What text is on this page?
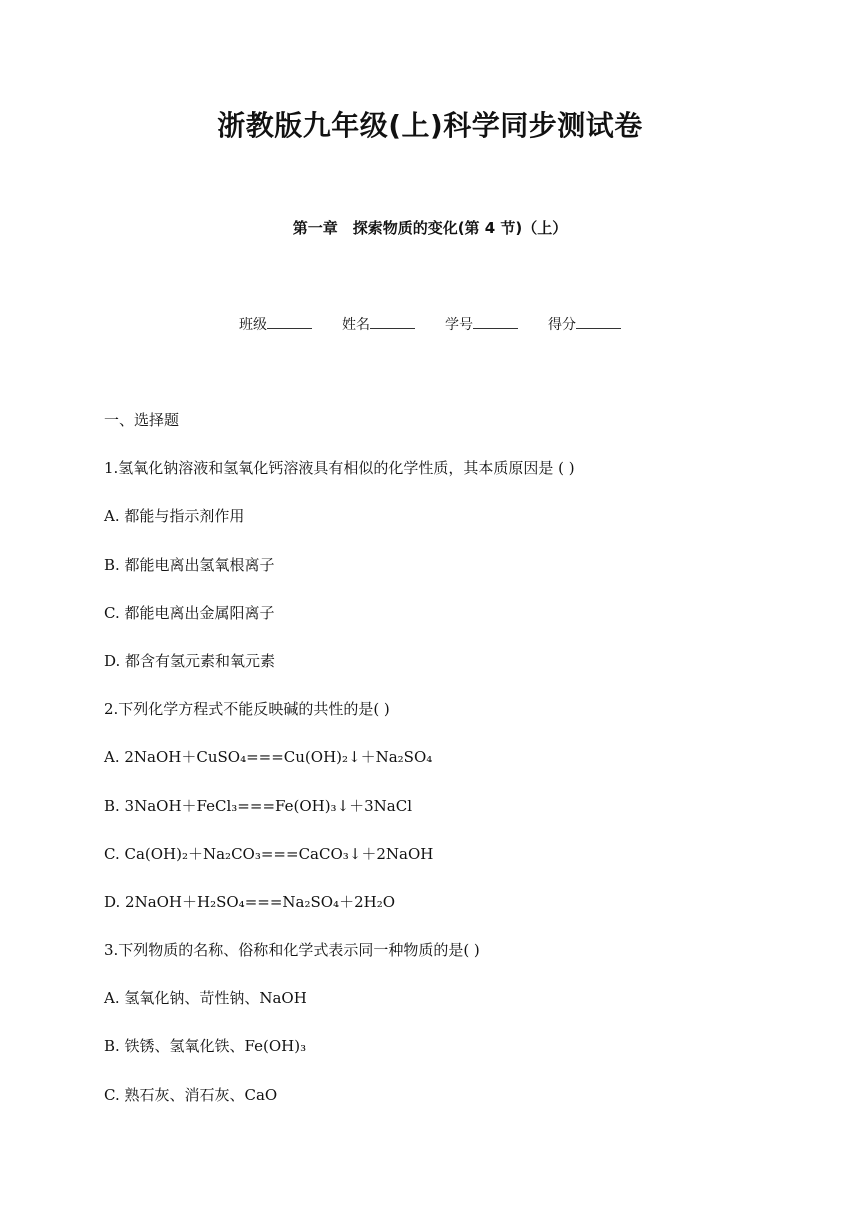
浙教版九年级(上)科学同步测试卷
第一章　探索物质的变化(第 4 节)（上）
班级	姓名	学号	得分
一、选择题
1.氢氧化钠溶液和氢氧化钙溶液具有相似的化学性质，其本质原因是 ( )
A. 都能与指示剂作用
B. 都能电离出氢氧根离子
C. 都能电离出金属阳离子
D. 都含有氢元素和氧元素
2.下列化学方程式不能反映碱的共性的是( )
A. 2NaOH＋CuSO₄===Cu(OH)₂↓＋Na₂SO₄
B. 3NaOH＋FeCl₃===Fe(OH)₃↓＋3NaCl
C. Ca(OH)₂＋Na₂CO₃===CaCO₃↓＋2NaOH
D. 2NaOH＋H₂SO₄===Na₂SO₄＋2H₂O
3.下列物质的名称、俗称和化学式表示同一种物质的是( )
A. 氢氧化钠、苛性钠、NaOH
B. 铁锈、氢氧化铁、Fe(OH)₃
C. 熟石灰、消石灰、CaO
